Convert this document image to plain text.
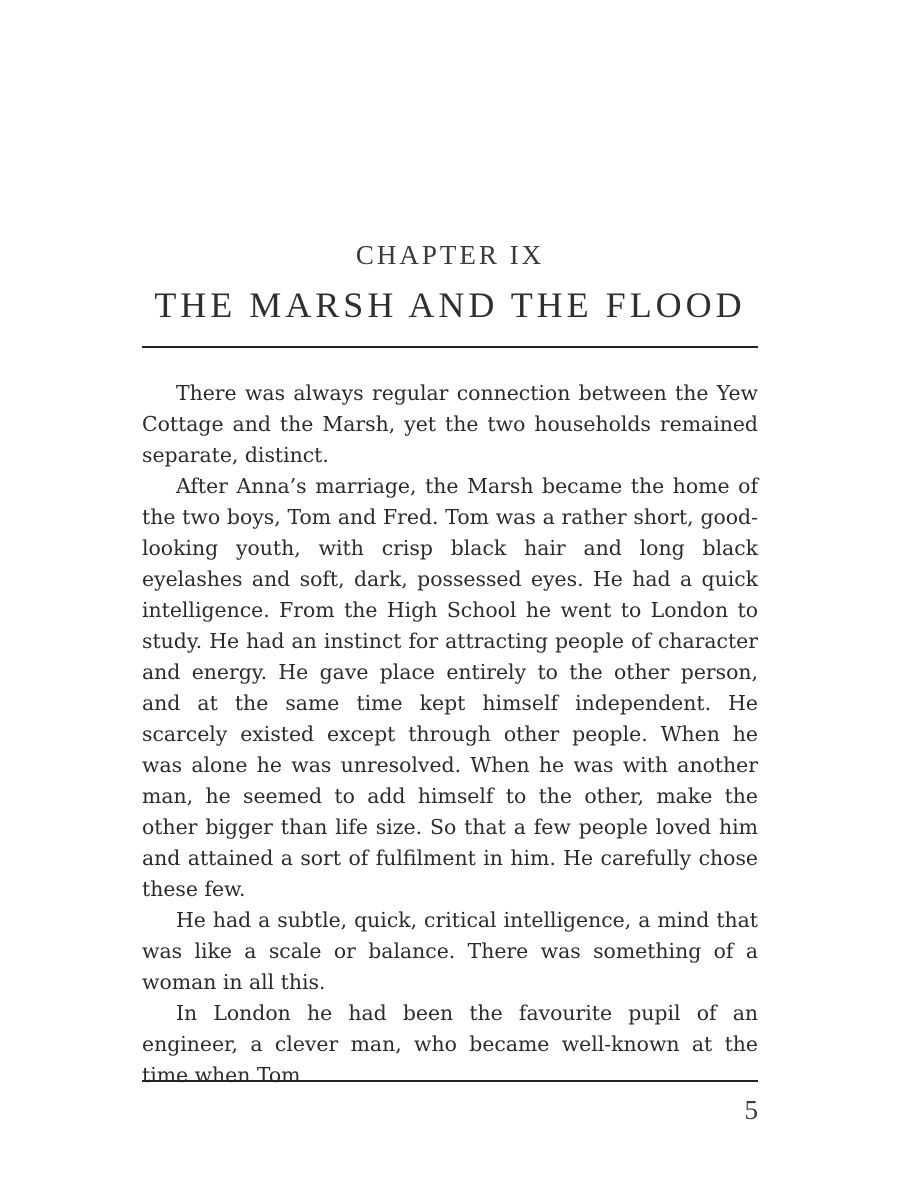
CHAPTER IX
THE MARSH AND THE FLOOD

There was always regular connection between the Yew Cottage and the Marsh, yet the two households remained separate, distinct.

After Anna’s marriage, the Marsh became the home of the two boys, Tom and Fred. Tom was a rather short, good-looking youth, with crisp black hair and long black eyelashes and soft, dark, possessed eyes. He had a quick intelligence. From the High School he went to London to study. He had an instinct for attracting people of character and energy. He gave place entirely to the other person, and at the same time kept himself independent. He scarcely existed except through other people. When he was alone he was unresolved. When he was with another man, he seemed to add himself to the other, make the other bigger than life size. So that a few people loved him and attained a sort of fulfilment in him. He carefully chose these few.

He had a subtle, quick, critical intelligence, a mind that was like a scale or balance. There was something of a woman in all this.

In London he had been the favourite pupil of an engineer, a clever man, who became well-known at the time when Tom

5
